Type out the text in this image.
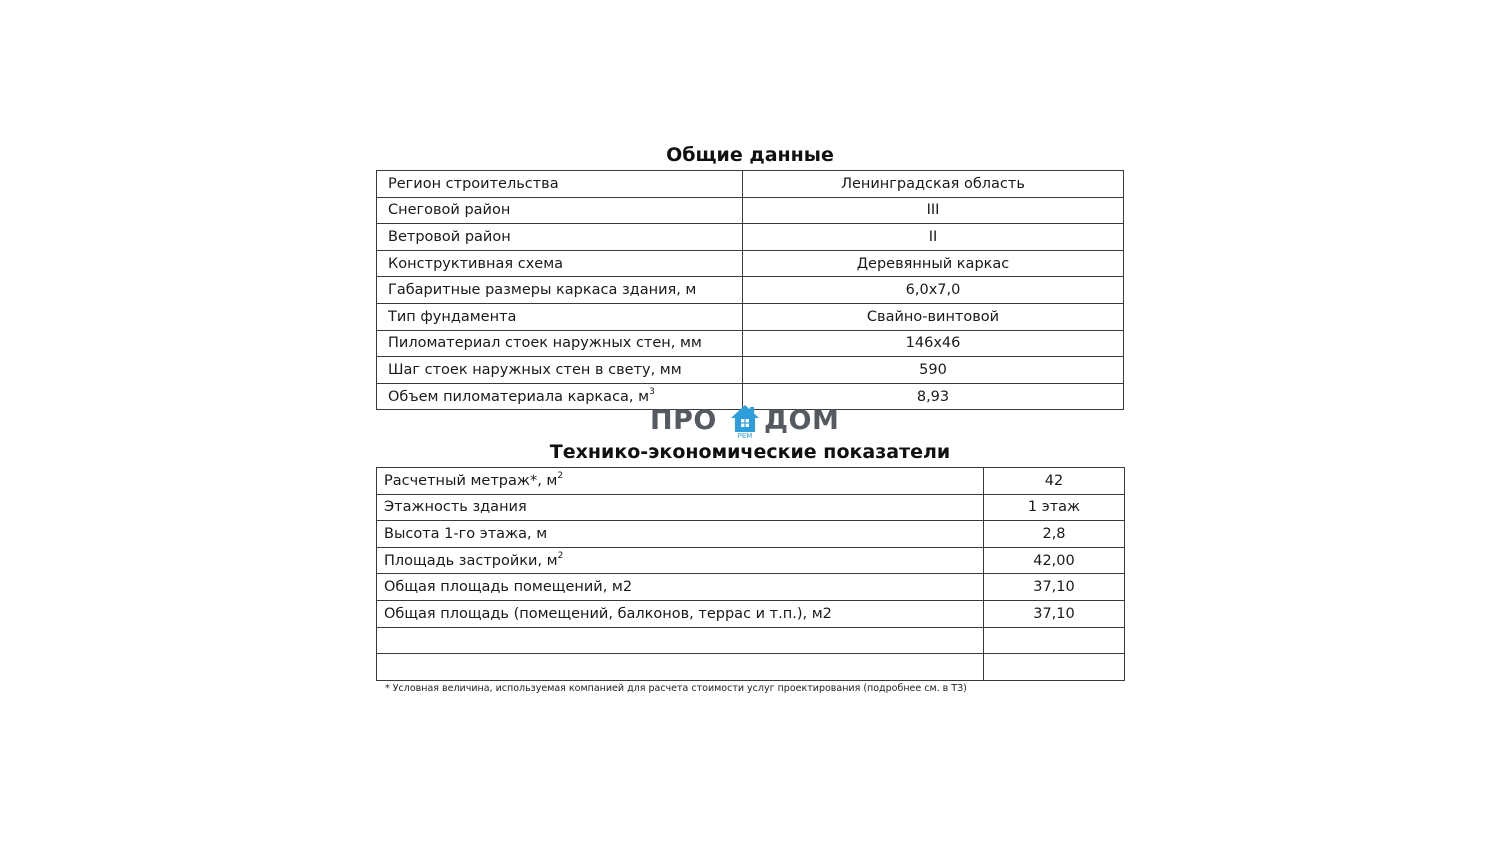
Общие данные
Регион строительства	Ленинградская область
Снеговой район	III
Ветровой район	II
Конструктивная схема	Деревянный каркас
Габаритные размеры каркаса здания, м	6,0х7,0
Тип фундамента	Свайно-винтовой
Пиломатериал стоек наружных стен, мм	146х46
Шаг стоек наружных стен в свету, мм	590
Объем пиломатериала каркаса, $м^3$	8,93
ПРО	РЕМ ДОМ
Технико-экономические показатели
Расчетный метраж*, $м^2$	42
Этажность здания	1 этаж
Высота 1-го этажа, м	2,8
Площадь застройки, $м^2$	42,00
Общая площадь помещений, м2	37,10
Общая площадь (помещений, балконов, террас и т.п.), м2	37,10

* Условная величина, используемая компанией для расчета стоимости услуг проектирования (подробнее см. в ТЗ)
